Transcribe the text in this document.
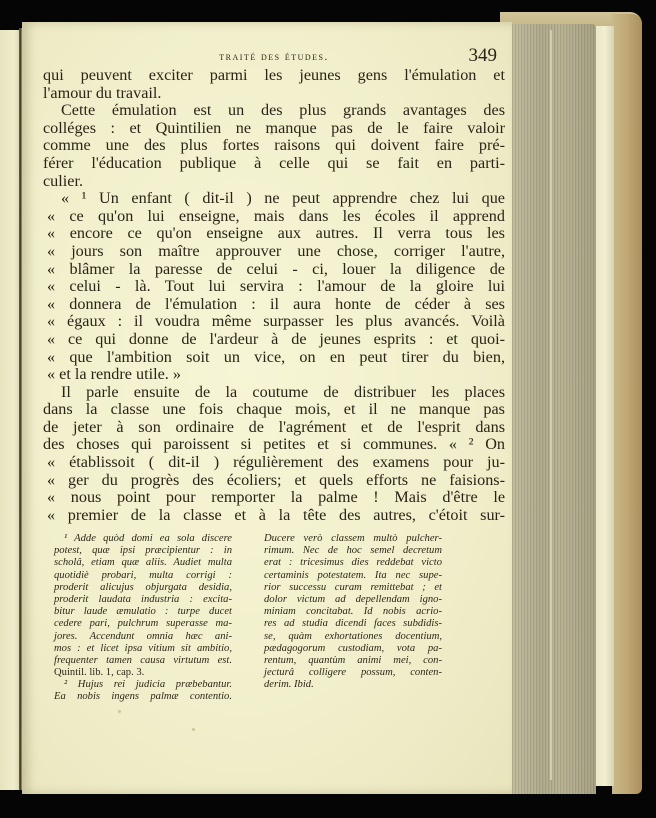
traité des études.	349
qui peuvent exciter parmi les jeunes gens l'émulation et
l'amour du travail.
Cette émulation est un des plus grands avantages des
colléges : et Quintilien ne manque pas de le faire valoir
comme une des plus fortes raisons qui doivent faire pré-
férer l'éducation publique à celle qui se fait en parti-
culier.
« ¹ Un enfant ( dit-il ) ne peut apprendre chez lui que
« ce qu'on lui enseigne, mais dans les écoles il apprend
« encore ce qu'on enseigne aux autres. Il verra tous les
« jours son maître approuver une chose, corriger l'autre,
« blâmer la paresse de celui - ci, louer la diligence de
« celui - là. Tout lui servira : l'amour de la gloire lui
« donnera de l'émulation : il aura honte de céder à ses
« égaux : il voudra même surpasser les plus avancés. Voilà
« ce qui donne de l'ardeur à de jeunes esprits : et quoi-
« que l'ambition soit un vice, on en peut tirer du bien,
« et la rendre utile. »
Il parle ensuite de la coutume de distribuer les places
dans la classe une fois chaque mois, et il ne manque pas
de jeter à son ordinaire de l'agrément et de l'esprit dans
des choses qui paroissent si petites et si communes. « ² On
« établissoit ( dit-il ) régulièrement des examens pour ju-
« ger du progrès des écoliers; et quels efforts ne faisions-
« nous point pour remporter la palme ! Mais d'être le
« premier de la classe et à la tête des autres, c'étoit sur-
¹ Adde quòd domi ea sola discere
potest, quæ ipsi præcipientur : in
scholâ, etiam quæ aliis. Audiet multa
quotidiè probari, multa corrigi :
proderit alicujus objurgata desidia,
proderit laudata industria : excita-
bitur laude æmulatio : turpe ducet
cedere pari, pulchrum superasse ma-
jores. Accendunt omnia hæc ani-
mos : et licet ipsa vitium sit ambitio,
frequenter tamen causa virtutum est.
Quintil. lib. 1, cap. 3.
² Hujus rei judicia præbebantur.
Ea nobis ingens palmæ contentio.
Ducere verò classem multò pulcher-
rimum. Nec de hoc semel decretum
erat : tricesimus dies reddebat victo
certaminis potestatem. Ita nec supe-
rior successu curam remittebat ; et
dolor victum ad depellendam igno-
miniam concitabat. Id nobis acrio-
res ad studia dicendi faces subdidis-
se, quàm exhortationes docentium,
pædagogorum custodiam, vota pa-
rentum, quantùm animi mei, con-
jecturâ colligere possum, conten-
derim. Ibid.
